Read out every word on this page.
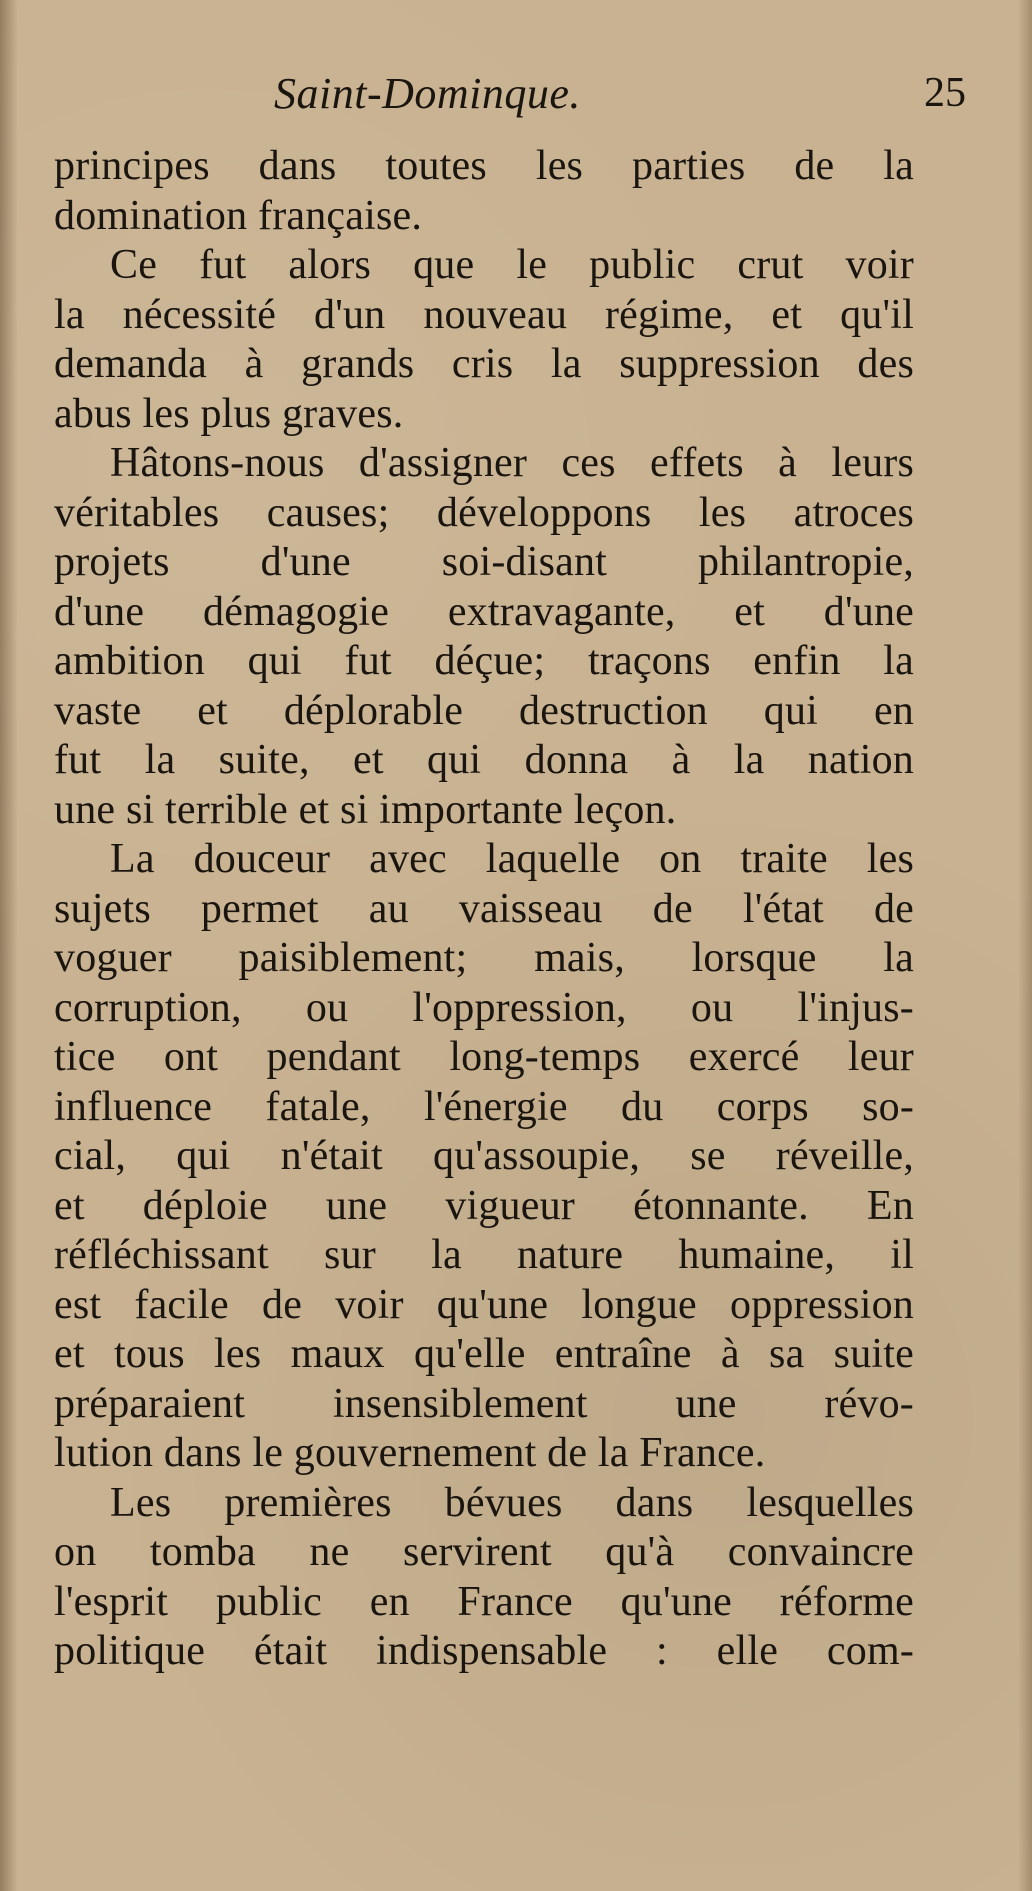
Saint-Dominque.	25
principes dans toutes les parties de la
domination française.
Ce fut alors que le public crut voir
la nécessité d'un nouveau régime, et qu'il
demanda à grands cris la suppression des
abus les plus graves.
Hâtons-nous d'assigner ces effets à leurs
véritables causes; développons les atroces
projets d'une soi-disant philantropie,
d'une démagogie extravagante, et d'une
ambition qui fut déçue; traçons enfin la
vaste et déplorable destruction qui en
fut la suite, et qui donna à la nation
une si terrible et si importante leçon.
La douceur avec laquelle on traite les
sujets permet au vaisseau de l'état de
voguer paisiblement; mais, lorsque la
corruption, ou l'oppression, ou l'injus-
tice ont pendant long-temps exercé leur
influence fatale, l'énergie du corps so-
cial, qui n'était qu'assoupie, se réveille,
et déploie une vigueur étonnante. En
réfléchissant sur la nature humaine, il
est facile de voir qu'une longue oppression
et tous les maux qu'elle entraîne à sa suite
préparaient insensiblement une révo-
lution dans le gouvernement de la France.
Les premières bévues dans lesquelles
on tomba ne servirent qu'à convaincre
l'esprit public en France qu'une réforme
politique était indispensable : elle com-
